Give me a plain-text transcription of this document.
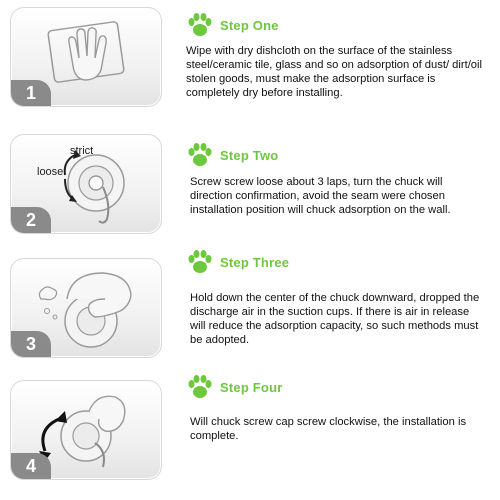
1
Step One

Wipe with dry dishcloth on the surface of the stainless steel/ceramic tile, glass and so on adsorption of dust/ dirt/oil stolen goods, must make the adsorption surface is completely dry before installing.

strict
loose
2
Step Two

Screw screw loose about 3 laps, turn the chuck will direction confirmation, avoid the seam were chosen installation position will chuck adsorption on the wall.

3
Step Three

Hold down the center of the chuck downward, dropped the discharge air in the suction cups. If there is air in release will reduce the adsorption capacity, so such methods must be adopted.

4
Step Four

Will chuck screw cap screw clockwise, the installation is complete.
